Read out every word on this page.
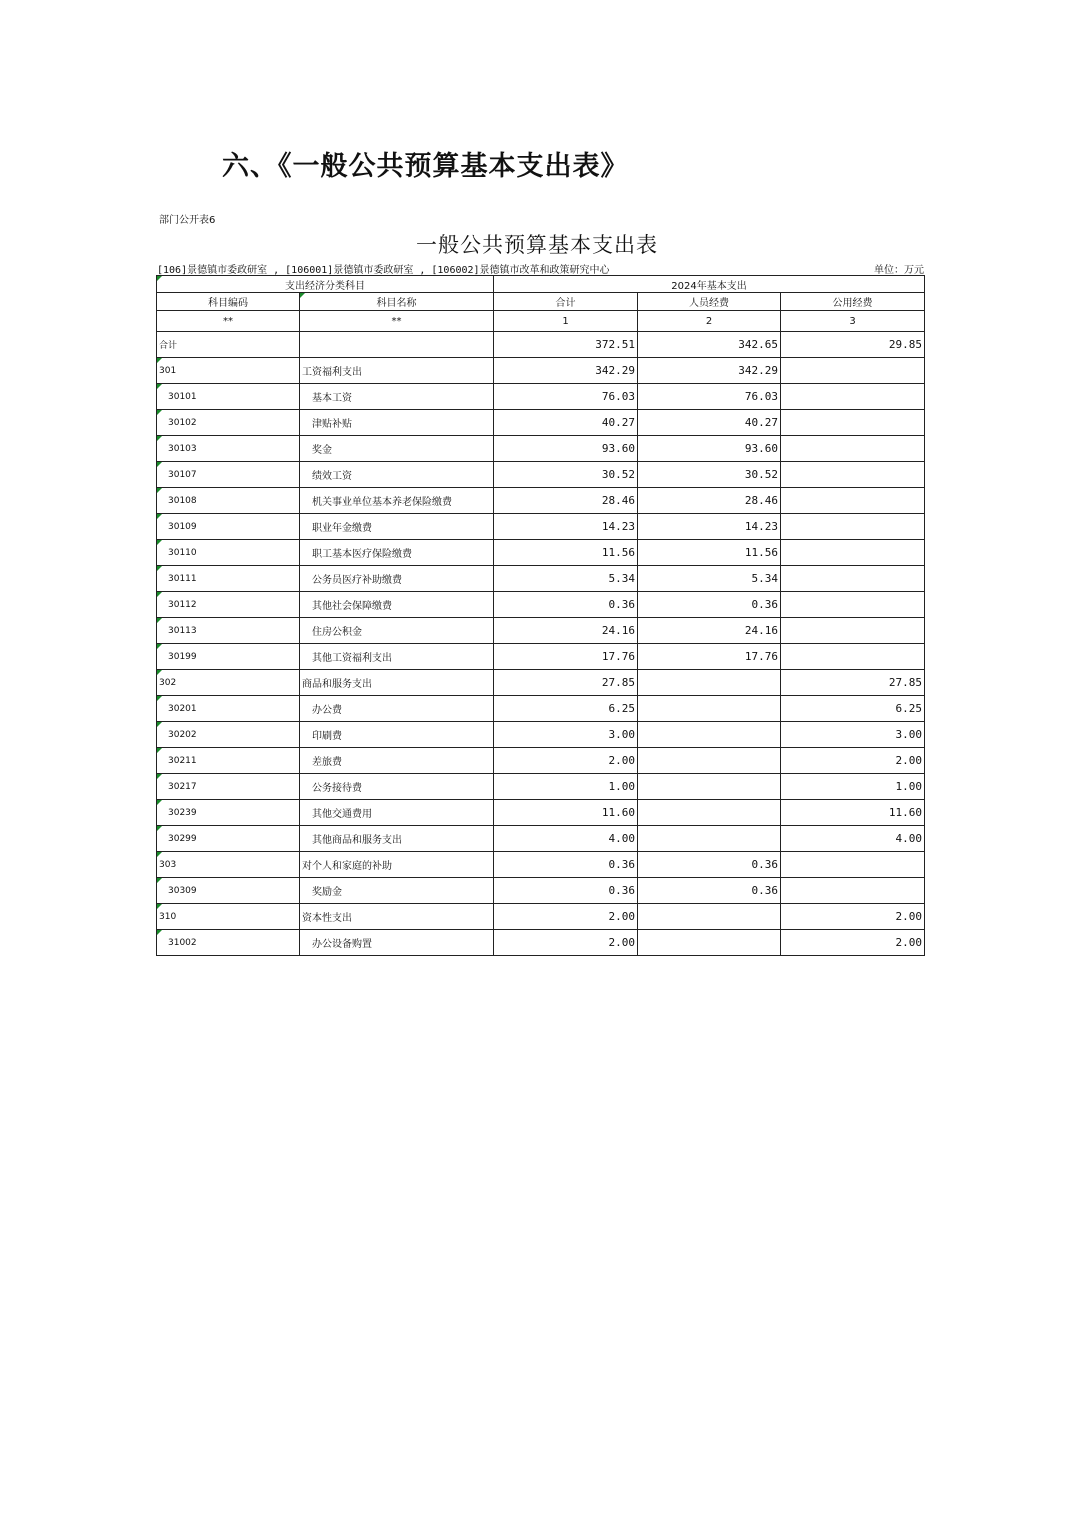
六、《一般公共预算基本支出表》
部门公开表6
一般公共预算基本支出表
[106]景德镇市委政研室 , [106001]景德镇市委政研室 , [106002]景德镇市改革和政策研究中心	单位：万元
支出经济分类科目		2024年基本支出		
科目编码	科目名称	合计	人员经费	公用经费
**	**	1	2	3
合计		372.51	342.65	29.85
301	工资福利支出	342.29	342.29	
30101	基本工资	76.03	76.03	
30102	津贴补贴	40.27	40.27	
30103	奖金	93.60	93.60	
30107	绩效工资	30.52	30.52	
30108	机关事业单位基本养老保险缴费	28.46	28.46	
30109	职业年金缴费	14.23	14.23	
30110	职工基本医疗保险缴费	11.56	11.56	
30111	公务员医疗补助缴费	5.34	5.34	
30112	其他社会保障缴费	0.36	0.36	
30113	住房公积金	24.16	24.16	
30199	其他工资福利支出	17.76	17.76	
302	商品和服务支出	27.85		27.85
30201	办公费	6.25		6.25
30202	印刷费	3.00		3.00
30211	差旅费	2.00		2.00
30217	公务接待费	1.00		1.00
30239	其他交通费用	11.60		11.60
30299	其他商品和服务支出	4.00		4.00
303	对个人和家庭的补助	0.36	0.36	
30309	奖励金	0.36	0.36	
310	资本性支出	2.00		2.00
31002	办公设备购置	2.00		2.00
